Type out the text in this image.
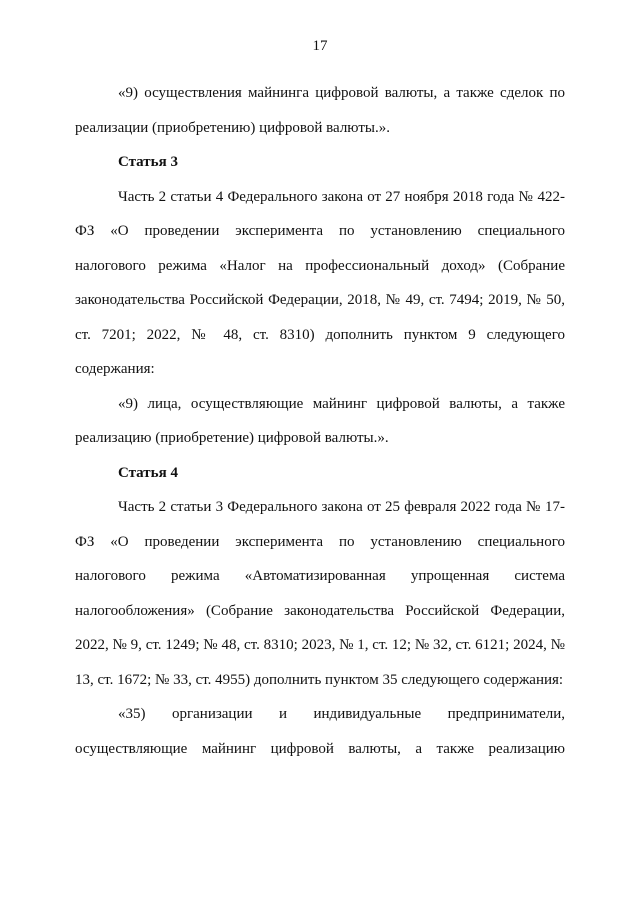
17

«9) осуществления майнинга цифровой валюты, а также сделок по реализации (приобретению) цифровой валюты.».

Статья 3

Часть 2 статьи 4 Федерального закона от 27 ноября 2018 года № 422-ФЗ «О проведении эксперимента по установлению специального налогового режима «Налог на профессиональный доход» (Собрание законодательства Российской Федерации, 2018, № 49, ст. 7494; 2019, № 50, ст. 7201; 2022, № 48, ст. 8310) дополнить пунктом 9 следующего содержания:

«9) лица, осуществляющие майнинг цифровой валюты, а также реализацию (приобретение) цифровой валюты.».

Статья 4

Часть 2 статьи 3 Федерального закона от 25 февраля 2022 года № 17-ФЗ «О проведении эксперимента по установлению специального налогового режима «Автоматизированная упрощенная система налогообложения» (Собрание законодательства Российской Федерации, 2022, № 9, ст. 1249; № 48, ст. 8310; 2023, № 1, ст. 12; № 32, ст. 6121; 2024, № 13, ст. 1672; № 33, ст. 4955) дополнить пунктом 35 следующего содержания:

«35) организации и индивидуальные предприниматели, осуществляющие майнинг цифровой валюты, а также реализацию
